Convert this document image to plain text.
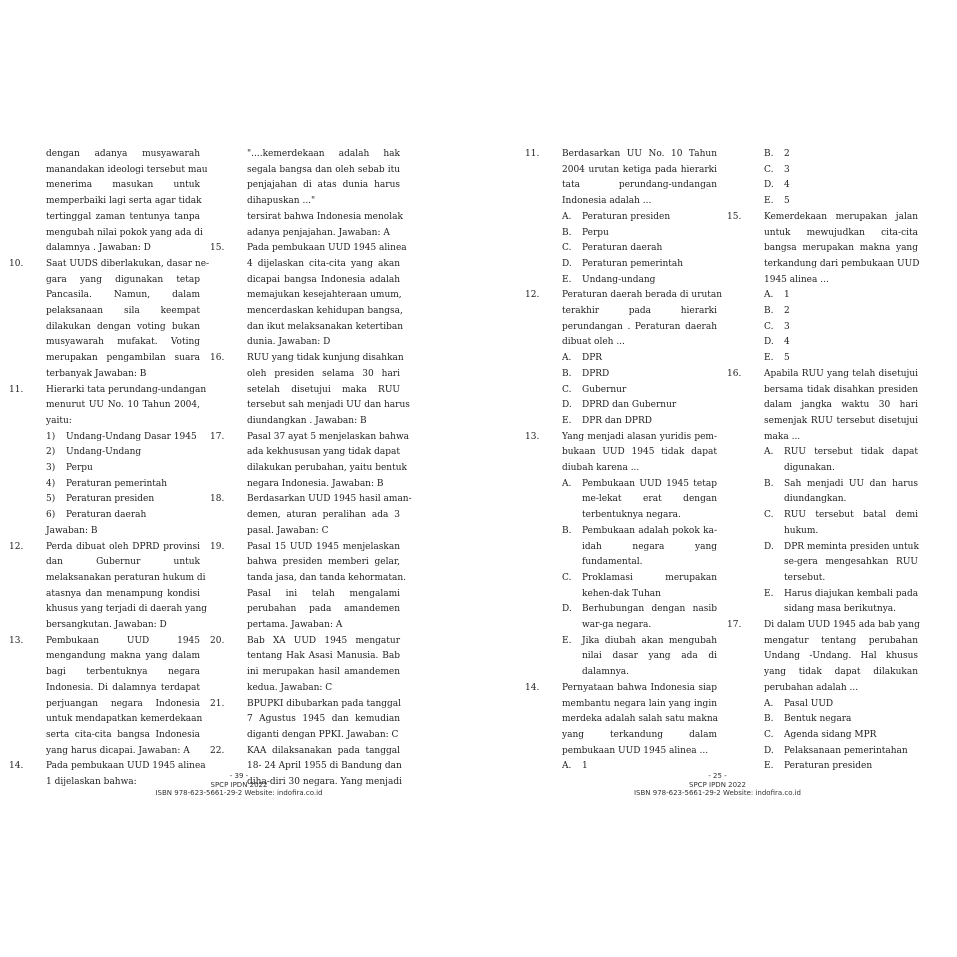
dengan adanya musyawarah
manandakan ideologi tersebut mau
menerima masukan untuk
memperbaiki lagi serta agar tidak
tertinggal zaman tentunya tanpa
mengubah nilai pokok yang ada di
dalamnya . Jawaban: D
10.	Saat UUDS diberlakukan, dasar ne-
gara yang digunakan tetap
Pancasila. Namun, dalam
pelaksanaan sila keempat
dilakukan dengan voting bukan
musyawarah mufakat. Voting
merupakan pengambilan suara
terbanyak Jawaban: B
11.	Hierarki tata perundang-undangan
menurut UU No. 10 Tahun 2004,
yaitu:
1) Undang-Undang Dasar 1945
2) Undang-Undang
3) Perpu
4) Peraturan pemerintah
5) Peraturan presiden
6) Peraturan daerah
Jawaban: B
12.	Perda dibuat oleh DPRD provinsi
dan Gubernur untuk
melaksanakan peraturan hukum di
atasnya dan menampung kondisi
khusus yang terjadi di daerah yang
bersangkutan. Jawaban: D
13.	Pembukaan UUD 1945
mengandung makna yang dalam
bagi terbentuknya negara
Indonesia. Di dalamnya terdapat
perjuangan negara Indonesia
untuk mendapatkan kemerdekaan
serta cita-cita bangsa Indonesia
yang harus dicapai. Jawaban: A
14.	Pada pembukaan UUD 1945 alinea
1 dijelaskan bahwa:
"....kemerdekaan adalah hak
segala bangsa dan oleh sebab itu
penjajahan di atas dunia harus
dihapuskan ..."
tersirat bahwa Indonesia menolak
adanya penjajahan. Jawaban: A
15.	Pada pembukaan UUD 1945 alinea
4 dijelaskan cita-cita yang akan
dicapai bangsa Indonesia adalah
memajukan kesejahteraan umum,
mencerdaskan kehidupan bangsa,
dan ikut melaksanakan ketertiban
dunia. Jawaban: D
16.	RUU yang tidak kunjung disahkan
oleh presiden selama 30 hari
setelah disetujui maka RUU
tersebut sah menjadi UU dan harus
diundangkan . Jawaban: B
17.	Pasal 37 ayat 5 menjelaskan bahwa
ada kekhususan yang tidak dapat
dilakukan perubahan, yaitu bentuk
negara Indonesia. Jawaban: B
18.	Berdasarkan UUD 1945 hasil aman-
demen, aturan peralihan ada 3
pasal. Jawaban: C
19.	Pasal 15 UUD 1945 menjelaskan
bahwa presiden memberi gelar,
tanda jasa, dan tanda kehormatan.
Pasal ini telah mengalami
perubahan pada amandemen
pertama. Jawaban: A
20.	Bab XA UUD 1945 mengatur
tentang Hak Asasi Manusia. Bab
ini merupakan hasil amandemen
kedua. Jawaban: C
21.	BPUPKI dibubarkan pada tanggal
7 Agustus 1945 dan kemudian
diganti dengan PPKI. Jawaban: C
22.	KAA dilaksanakan pada tanggal
18- 24 April 1955 di Bandung dan
diha-diri 30 negara. Yang menjadi
- 39 -
SPCP IPDN 2022
ISBN 978-623-5661-29-2 Website: indofira.co.id
11.	Berdasarkan UU No. 10 Tahun
2004 urutan ketiga pada hierarki
tata perundang-undangan
Indonesia adalah ...
A. Peraturan presiden
B. Perpu
C. Peraturan daerah
D. Peraturan pemerintah
E. Undang-undang
12.	Peraturan daerah berada di urutan
terakhir pada hierarki
perundangan . Peraturan daerah
dibuat oleh ...
A. DPR
B. DPRD
C. Gubernur
D. DPRD dan Gubernur
E. DPR dan DPRD
13.	Yang menjadi alasan yuridis pem-
bukaan UUD 1945 tidak dapat
diubah karena ...
A. Pembukaan UUD 1945 tetap
me-lekat erat dengan
terbentuknya negara.
B. Pembukaan adalah pokok ka-
idah negara yang
fundamental.
C. Proklamasi merupakan
kehen-dak Tuhan
D. Berhubungan dengan nasib
war-ga negara.
E. Jika diubah akan mengubah
nilai dasar yang ada di
dalamnya.
14.	Pernyataan bahwa Indonesia siap
membantu negara lain yang ingin
merdeka adalah salah satu makna
yang terkandung dalam
pembukaan UUD 1945 alinea ...
A. 1
B. 2
C. 3
D. 4
E. 5
15.	Kemerdekaan merupakan jalan
untuk mewujudkan cita-cita
bangsa merupakan makna yang
terkandung dari pembukaan UUD
1945 alinea ...
A. 1
B. 2
C. 3
D. 4
E. 5
16.	Apabila RUU yang telah disetujui
bersama tidak disahkan presiden
dalam jangka waktu 30 hari
semenjak RUU tersebut disetujui
maka ...
A. RUU tersebut tidak dapat
digunakan.
B. Sah menjadi UU dan harus
diundangkan.
C. RUU tersebut batal demi
hukum.
D. DPR meminta presiden untuk
se-gera mengesahkan RUU
tersebut.
E. Harus diajukan kembali pada
sidang masa berikutnya.
17.	Di dalam UUD 1945 ada bab yang
mengatur tentang perubahan
Undang -Undang. Hal khusus
yang tidak dapat dilakukan
perubahan adalah ...
A. Pasal UUD
B. Bentuk negara
C. Agenda sidang MPR
D. Pelaksanaan pemerintahan
E. Peraturan presiden
- 25 -
SPCP IPDN 2022
ISBN 978-623-5661-29-2 Website: indofira.co.id
